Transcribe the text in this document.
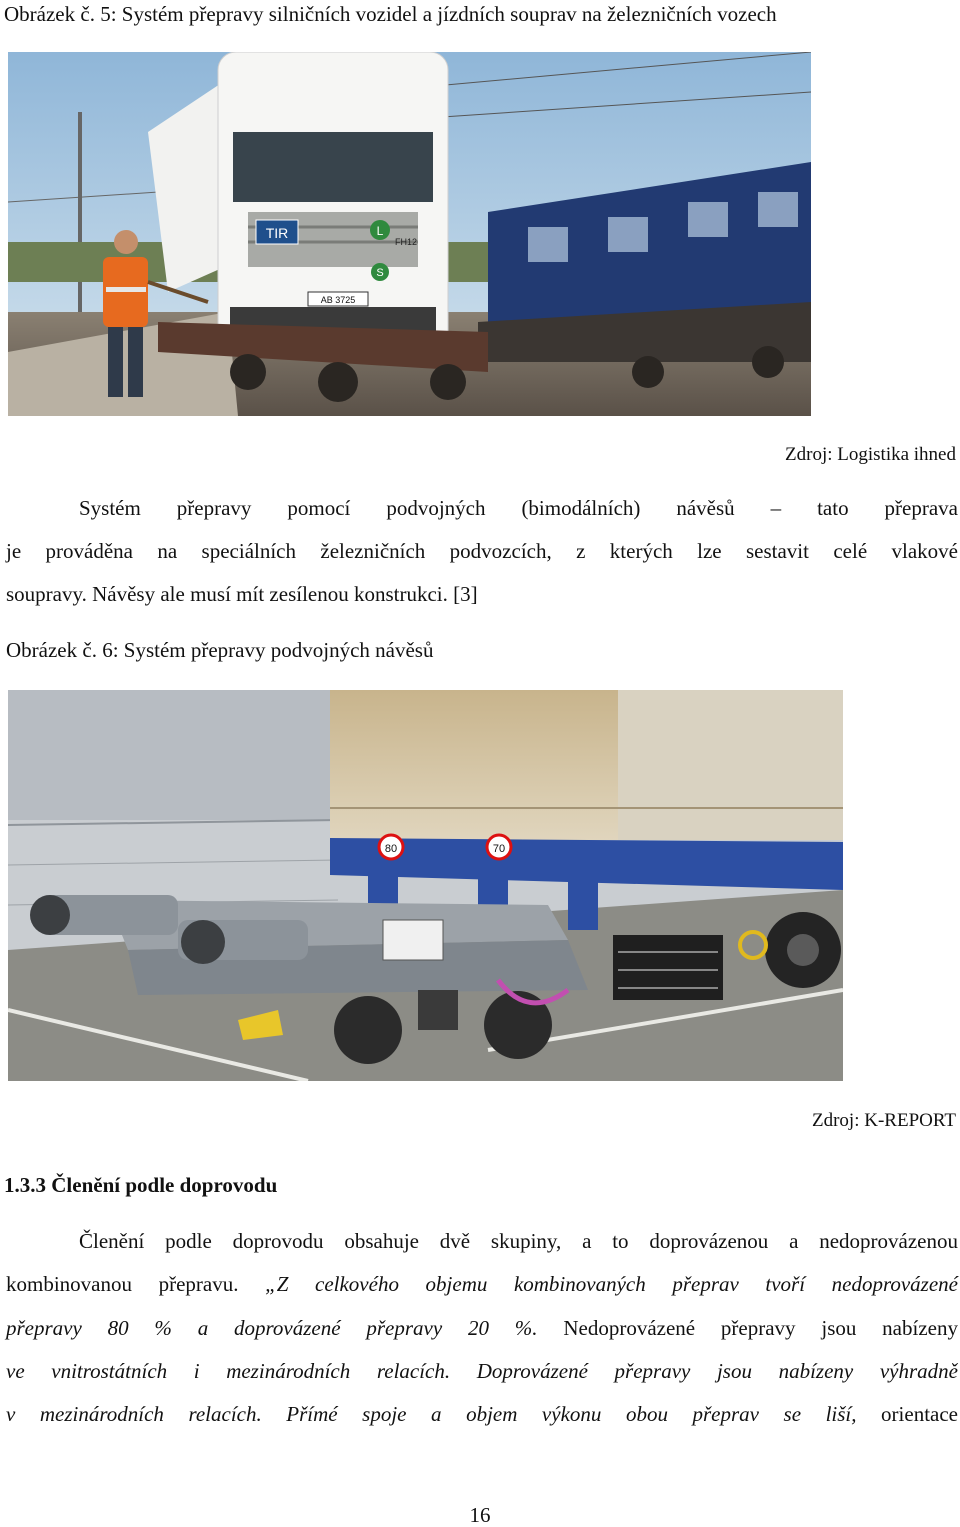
Obrázek č. 5: Systém přepravy silničních vozidel a jízdních souprav na železničních vozech
TIR	L
FH12
S
AB 3725
Zdroj: Logistika ihned
Systém přepravy pomocí podvojných (bimodálních) návěsů – tato přeprava
je prováděna na speciálních železničních podvozcích, z kterých lze sestavit celé vlakové
soupravy. Návěsy ale musí mít zesílenou konstrukci. [3]
Obrázek č. 6: Systém přepravy podvojných návěsů
80	70
Zdroj: K-REPORT
1.3.3 Členění podle doprovodu
Členění podle doprovodu obsahuje dvě skupiny, a to doprovázenou a nedoprovázenou
kombinovanou přepravu. „Z celkového objemu kombinovaných přeprav tvoří nedoprovázené
přepravy 80 % a doprovázené přepravy 20 %. Nedoprovázené přepravy jsou nabízeny
ve vnitrostátních i mezinárodních relacích. Doprovázené přepravy jsou nabízeny výhradně
v mezinárodních relacích. Přímé spoje a objem výkonu obou přeprav se liší, orientace
16
